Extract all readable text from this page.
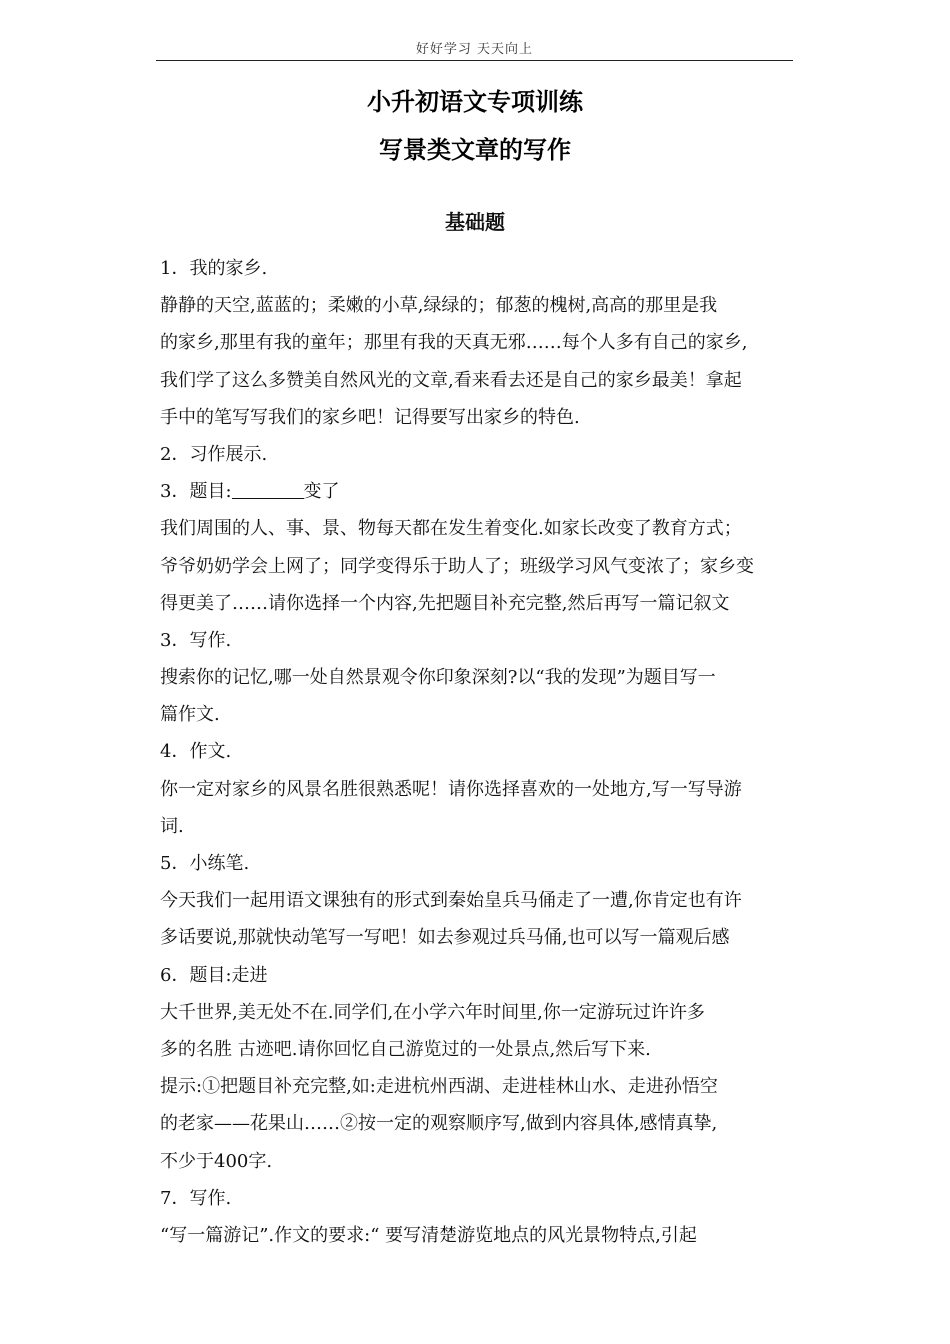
好好学习 天天向上
小升初语文专项训练
写景类文章的写作
基础题
1．我的家乡.
静静的天空,蓝蓝的；柔嫩的小草,绿绿的；郁葱的槐树,高高的那里是我
的家乡,那里有我的童年；那里有我的天真无邪……每个人多有自己的家乡,
我们学了这么多赞美自然风光的文章,看来看去还是自己的家乡最美！拿起
手中的笔写写我们的家乡吧！记得要写出家乡的特色.
2．习作展示.
3．题目:	变了
我们周围的人、事、景、物每天都在发生着变化.如家长改变了教育方式；
爷爷奶奶学会上网了；同学变得乐于助人了；班级学习风气变浓了；家乡变
得更美了……请你选择一个内容,先把题目补充完整,然后再写一篇记叙文
3．写作.
搜索你的记忆,哪一处自然景观令你印象深刻?以“我的发现”为题目写一
篇作文.
4．作文.
你一定对家乡的风景名胜很熟悉呢！请你选择喜欢的一处地方,写一写导游
词.
5．小练笔.
今天我们一起用语文课独有的形式到秦始皇兵马俑走了一遭,你肯定也有许
多话要说,那就快动笔写一写吧！如去参观过兵马俑,也可以写一篇观后感
6．题目:走进
大千世界,美无处不在.同学们,在小学六年时间里,你一定游玩过许许多
多的名胜 古迹吧.请你回忆自己游览过的一处景点,然后写下来.
提示:①把题目补充完整,如:走进杭州西湖、走进桂林山水、走进孙悟空
的老家——花果山……②按一定的观察顺序写,做到内容具体,感情真挚,
不少于400字.
7．写作.
“写一篇游记”.作文的要求:“ 要写清楚游览地点的风光景物特点,引起
